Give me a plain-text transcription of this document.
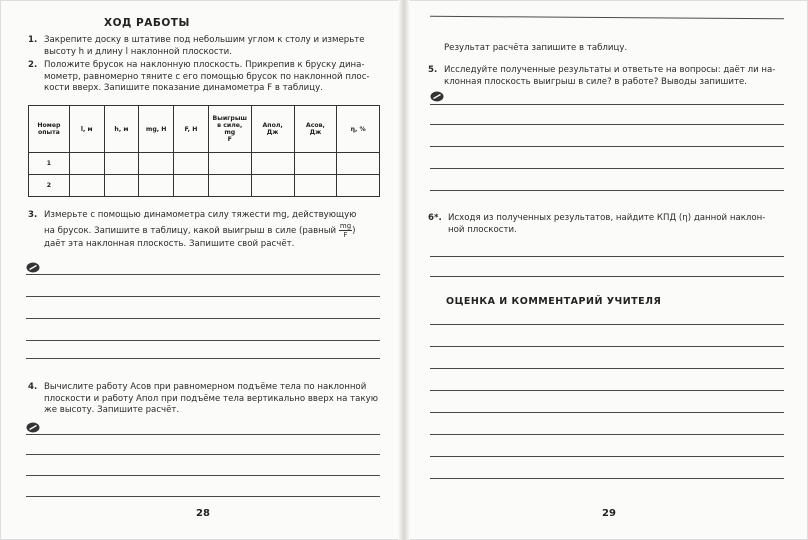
ХОД РАБОТЫ
1. Закрепите доску в штативе под небольшим углом к столу и измерьте
высоту h и длину l наклонной плоскости.
2. Положите брусок на наклонную плоскость. Прикрепив к бруску дина-
мометр, равномерно тяните с его помощью брусок по наклонной плос-
кости вверх. Запишите показание динамометра F в таблицу.
Номер
опыта	l, м	h, м	mg, H	F, H	Выигрыш
в силе,
mg
F	Aпол,
Дж	Aсов,
Дж	η, %
1								
2								
3. Измерьте с помощью динамометра силу тяжести mg, действующую
на брусок. Запишите в таблицу, какой выигрыш в силе (равный $\frac{mg}{F}$ )
даёт эта наклонная плоскость. Запишите свой расчёт.
4. Вычислите работу Aсов при равномерном подъёме тела по наклонной
плоскости и работу Aпол при подъёме тела вертикально вверх на такую
же высоту. Запишите расчёт.
28
Результат расчёта запишите в таблицу.
5. Исследуйте полученные результаты и ответьте на вопросы: даёт ли на-
клонная плоскость выигрыш в силе? в работе? Выводы запишите.
6*. Исходя из полученных результатов, найдите КПД (η) данной наклон-
ной плоскости.
ОЦЕНКА И КОММЕНТАРИЙ УЧИТЕЛЯ
29
